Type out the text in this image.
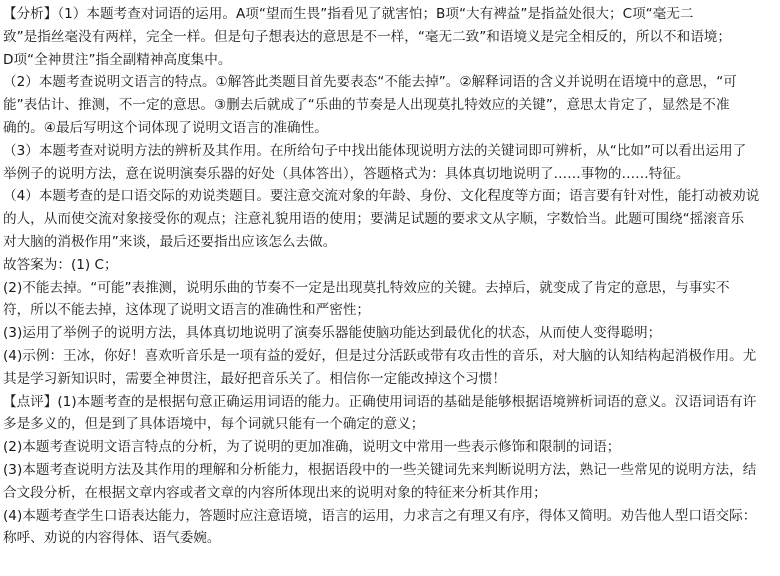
【分析】（1）本题考查对词语的运用。A项“望而生畏”指看见了就害怕；B项“大有裨益”是指益处很大；C项“毫无二
致”是指丝毫没有两样，完全一样。但是句子想表达的意思是不一样，“毫无二致”和语境义是完全相反的，所以不和语境；
D项“全神贯注”指全副精神高度集中。
（2）本题考查说明文语言的特点。①解答此类题目首先要表态“不能去掉”。②解释词语的含义并说明在语境中的意思，“可
能”表估计、推测，不一定的意思。③删去后就成了“乐曲的节奏是人出现莫扎特效应的关键”，意思太肯定了，显然是不准
确的。④最后写明这个词体现了说明文语言的准确性。
（3）本题考查对说明方法的辨析及其作用。在所给句子中找出能体现说明方法的关键词即可辨析，从“比如”可以看出运用了
举例子的说明方法，意在说明演奏乐器的好处（具体答出），答题格式为：具体真切地说明了……事物的……特征。
（4）本题考查的是口语交际的劝说类题目。要注意交流对象的年龄、身份、文化程度等方面；语言要有针对性，能打动被劝说
的人，从而使交流对象接受你的观点；注意礼貌用语的使用；要满足试题的要求文从字顺，字数恰当。此题可围绕“摇滚音乐
对大脑的消极作用”来谈，最后还要指出应该怎么去做。
故答案为：(1) C；
(2)不能去掉。“可能”表推测，说明乐曲的节奏不一定是出现莫扎特效应的关键。去掉后，就变成了肯定的意思，与事实不
符，所以不能去掉，这体现了说明文语言的准确性和严密性；
(3)运用了举例子的说明方法，具体真切地说明了演奏乐器能使脑功能达到最优化的状态，从而使人变得聪明；
(4)示例：王冰，你好！喜欢听音乐是一项有益的爱好，但是过分活跃或带有攻击性的音乐，对大脑的认知结构起消极作用。尤
其是学习新知识时，需要全神贯注，最好把音乐关了。相信你一定能改掉这个习惯！
【点评】(1)本题考查的是根据句意正确运用词语的能力。正确使用词语的基础是能够根据语境辨析词语的意义。汉语词语有许
多是多义的，但是到了具体语境中，每个词就只能有一个确定的意义；
(2)本题考查说明文语言特点的分析，为了说明的更加准确，说明文中常用一些表示修饰和限制的词语；
(3)本题考查说明方法及其作用的理解和分析能力，根据语段中的一些关键词先来判断说明方法，熟记一些常见的说明方法，结
合文段分析，在根据文章内容或者文章的内容所体现出来的说明对象的特征来分析其作用；
(4)本题考查学生口语表达能力，答题时应注意语境，语言的运用，力求言之有理又有序，得体又简明。劝告他人型口语交际：
称呼、劝说的内容得体、语气委婉。
